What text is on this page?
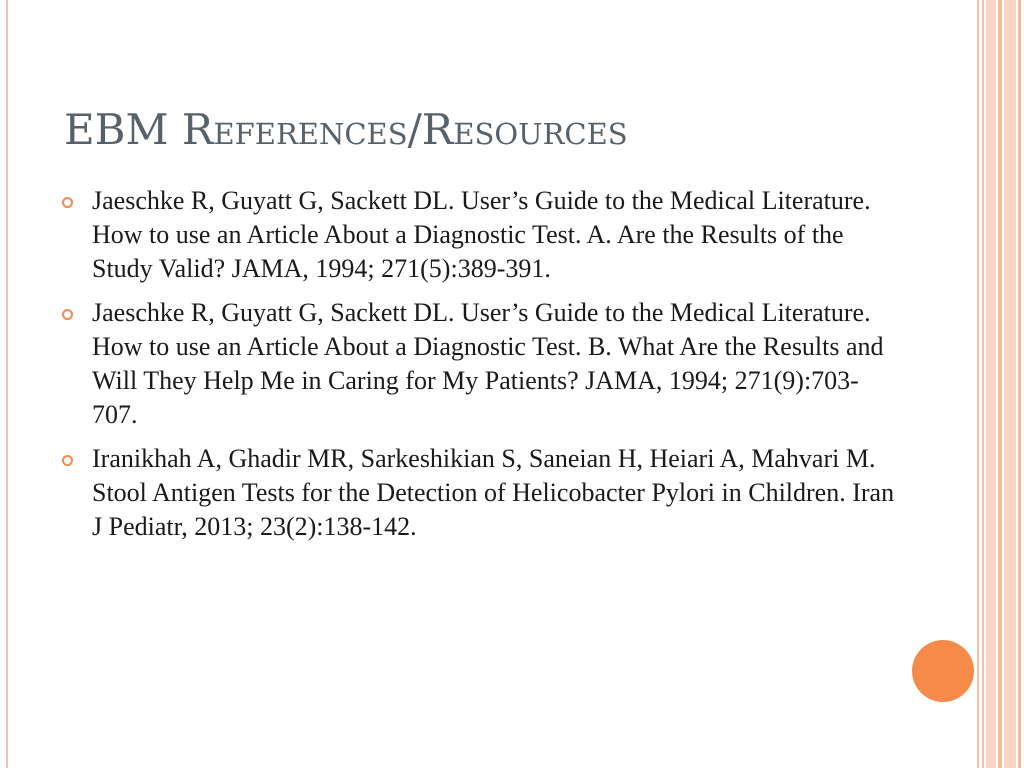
EBM References/Resources
Jaeschke R, Guyatt G, Sackett DL. User’s Guide to the Medical Literature. How to use an Article About a Diagnostic Test. A. Are the Results of the Study Valid? JAMA, 1994; 271(5):389-391.
Jaeschke R, Guyatt G, Sackett DL. User’s Guide to the Medical Literature. How to use an Article About a Diagnostic Test. B. What Are the Results and Will They Help Me in Caring for My Patients? JAMA, 1994; 271(9):703-707.
Iranikhah A, Ghadir MR, Sarkeshikian S, Saneian H, Heiari A, Mahvari M. Stool Antigen Tests for the Detection of Helicobacter Pylori in Children. Iran J Pediatr, 2013; 23(2):138-142.
